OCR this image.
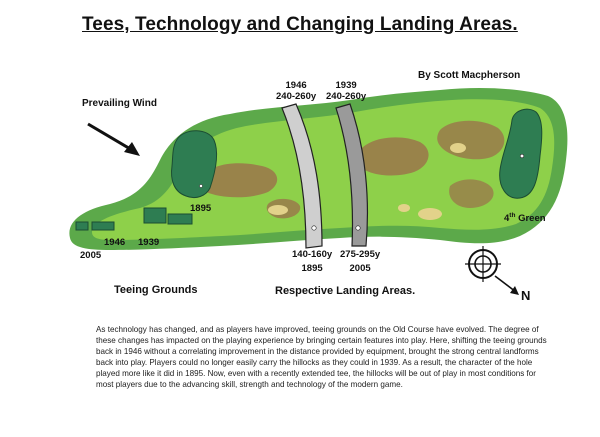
Tees, Technology and Changing Landing Areas.
By Scott Macpherson
Prevailing Wind
1946
240-260y
1939
240-260y
140-160y
1895
275-295y
2005
1895
1946 1939
2005
4th Green
Teeing Grounds	Respective Landing Areas.	N

As technology has changed, and as players have improved, teeing grounds on the Old Course have evolved. The degree of these changes has impacted on the playing experience by bringing certain features into play. Here, shifting the teeing grounds back in 1946 without a correlating improvement in the distance provided by equipment, brought the strong central landforms back into play. Players could no longer easily carry the hillocks as they could in 1939. As a result, the character of the hole played more like it did in 1895. Now, even with a recently extended tee, the hillocks will be out of play in most conditions for most players due to the advancing skill, strength and technology of the modern game.
